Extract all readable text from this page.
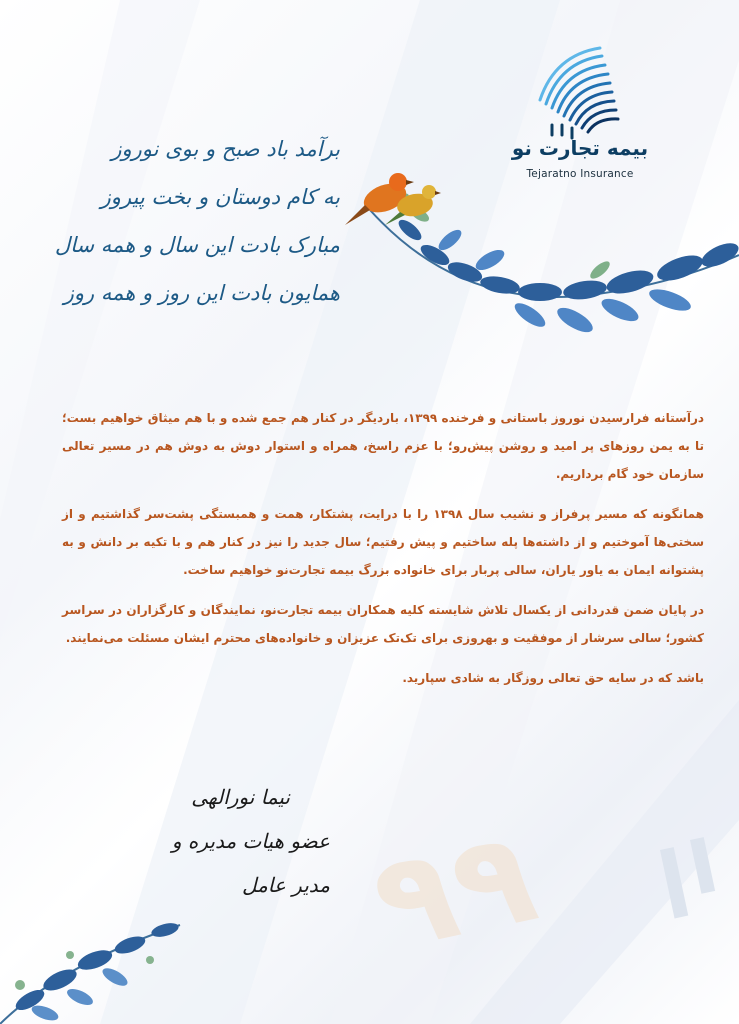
بیمه تجارت نو
Tejaratno Insurance
برآمد باد صبح و بوی نوروز
به کام دوستان و بخت پیروز
مبارک بادت این سال و همه سال
همایون بادت این روز و همه روز

درآستانه فرارسیدن نوروز باستانی و فرخنده ۱۳۹۹، باردیگر در کنار هم جمع شده و با هم میثاق خواهیم بست؛ تا به یمن روزهای پر امید و روشن پیش‌رو؛ با عزم راسخ، همراه و استوار دوش به دوش هم در مسیر تعالی سازمان خود گام برداریم.

همانگونه که مسیر پرفراز و نشیب سال ۱۳۹۸ را با درایت، پشتکار، همت و همبستگی پشت‌سر گذاشتیم و از سختی‌ها آموختیم و از داشته‌ها پله ساختیم و پیش رفتیم؛ سال جدید را نیز در کنار هم و با تکیه بر دانش و به پشتوانه ایمان به یاور یاران، سالی پربار برای خانواده بزرگ بیمه تجارت‌نو خواهیم ساخت.

در پایان ضمن قدردانی از یکسال تلاش شایسته کلیه همکاران بیمه تجارت‌نو، نمایندگان و کارگزاران در سراسر کشور؛ سالی سرشار از موفقیت و بهروزی برای تک‌تک عزیزان و خانواده‌های محترم ایشان مسئلت می‌نمایند.

باشد که در سایه حق تعالی روزگار به شادی سپارید.

نیما نورالهی
عضو هیات مدیره و مدیر عامل ۹۹
